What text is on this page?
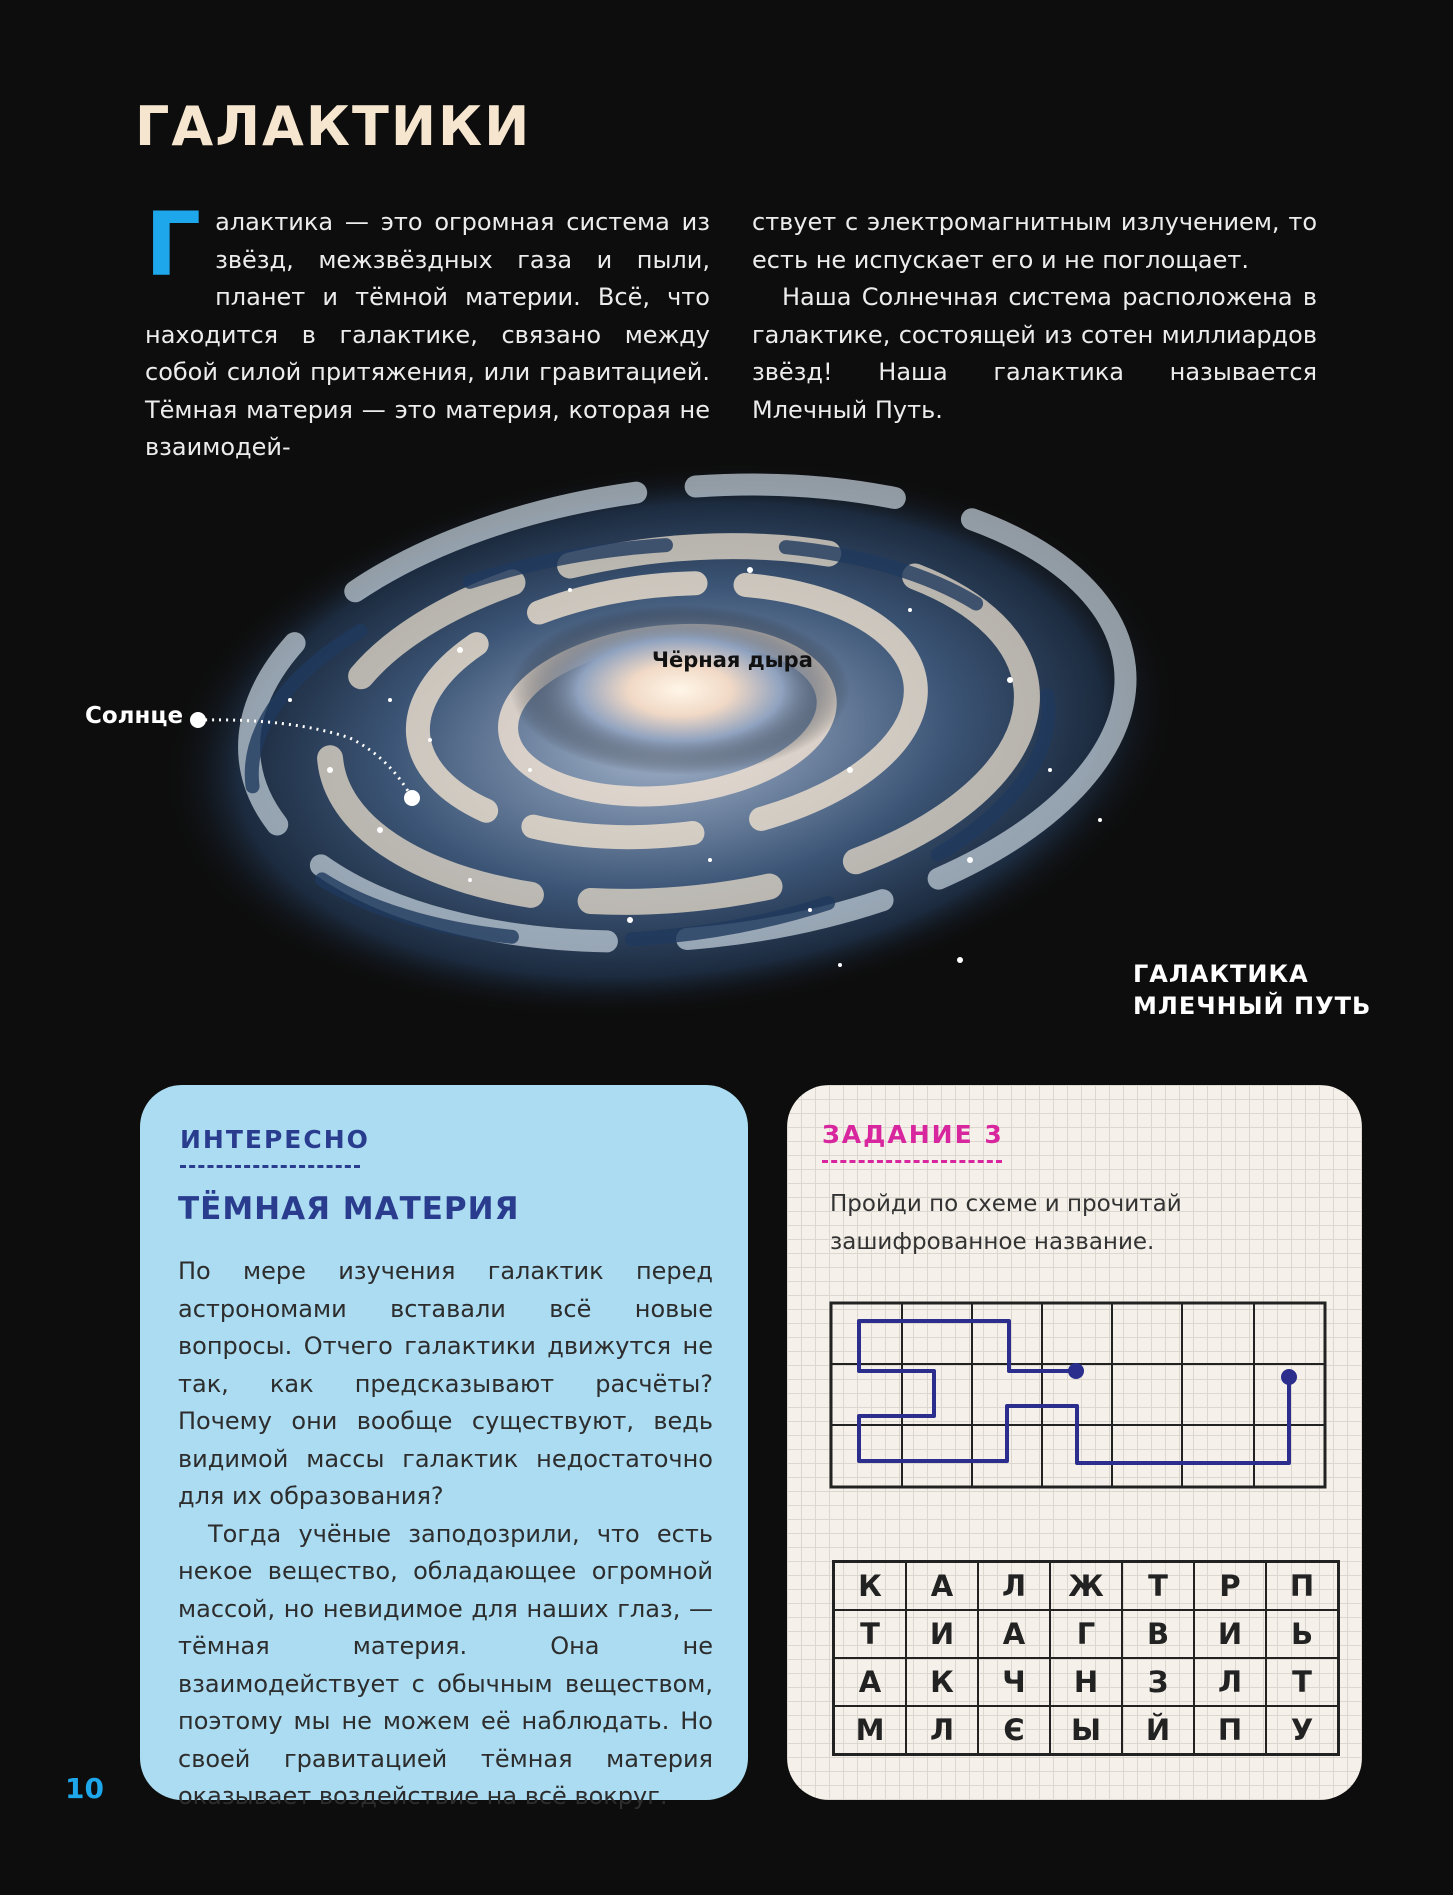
ГАЛАКТИКИ
Г алактика — это огромная система из звёзд, межзвёздных газа и пыли, планет и тёмной материи. Всё, что находится в галактике, связано между собой силой притяжения, или гравитацией. Тёмная материя — это материя, которая не взаимодей-

ствует с электромагнитным излучением, то есть не испускает его и не поглощает.

Наша Солнечная система расположена в галактике, состоящей из сотен миллиардов звёзд! Наша галактика называется Млечный Путь.

Чёрная дыра
Солнце
ГАЛАКТИКА
МЛЕЧНЫЙ ПУТЬ
ИНТЕРЕСНО
ТЁМНАЯ МАТЕРИЯ

По мере изучения галактик перед астрономами вставали всё новые вопросы. Отчего галактики движутся не так, как предсказывают расчёты? Почему они вообще существуют, ведь видимой массы галактик недостаточно для их образования?

Тогда учёные заподозрили, что есть некое вещество, обладающее огромной массой, но невидимое для наших глаз, — тёмная материя. Она не взаимодействует с обычным веществом, поэтому мы не можем её наблюдать. Но своей гравитацией тёмная материя оказывает воздействие на всё вокруг.

ЗАДАНИЕ 3

Пройди по схеме и прочитай зашифрованное название.

К	А	Л	Ж	Т	Р	П
Т	И	А	Г	В	И	Ь
А	К	Ч	Н	З	Л	Т
М	Л	Є	Ы	Й	П	У
10
